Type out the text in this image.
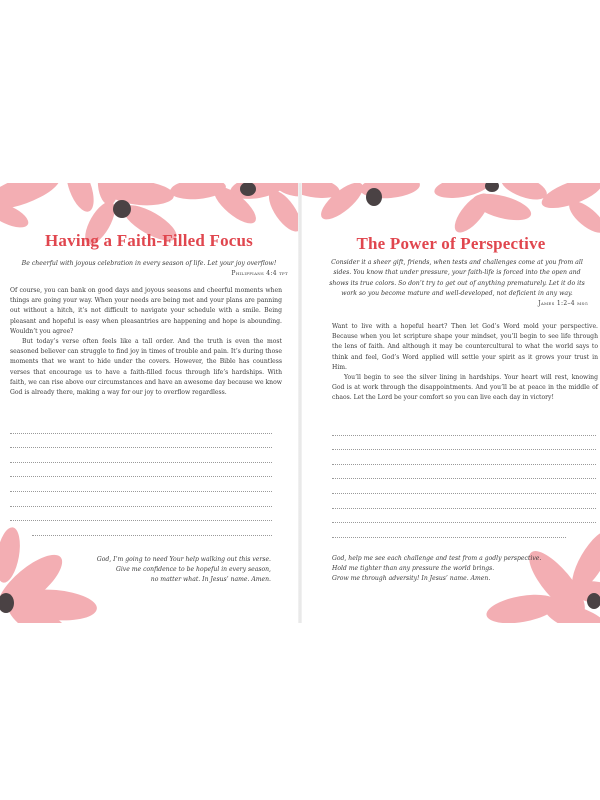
Having a Faith-Filled Focus
Be cheerful with joyous celebration in every season of life. Let your joy overflow!
Philippians 4:4 tpt

Of course, you can bank on good days and joyous seasons and cheerful moments when things are going your way. When your needs are being met and your plans are panning out without a hitch, it’s not difficult to navigate your schedule with a smile. Being pleasant and hopeful is easy when pleasantries are happening and hope is abounding. Wouldn’t you agree?

But today’s verse often feels like a tall order. And the truth is even the most seasoned believer can struggle to find joy in times of trouble and pain. It’s during those moments that we want to hide under the covers. However, the Bible has countless verses that encourage us to have a faith-filled focus through life’s hardships. With faith, we can rise above our circumstances and have an awesome day because we know God is already there, making a way for our joy to overflow regardless.

God, I’m going to need Your help walking out this verse.
Give me confidence to be hopeful in every season,
no matter what. In Jesus’ name. Amen.
The Power of Perspective
Consider it a sheer gift, friends, when tests and challenges come at you from all sides. You know that under pressure, your faith-life is forced into the open and shows its true colors. So don’t try to get out of anything prematurely. Let it do its work so you become mature and well-developed, not deficient in any way.
James 1:2–4 msg

Want to live with a hopeful heart? Then let God’s Word mold your perspective. Because when you let scripture shape your mindset, you’ll begin to see life through the lens of faith. And although it may be countercultural to what the world says to think and feel, God’s Word applied will settle your spirit as it grows your trust in Him.

You’ll begin to see the silver lining in hardships. Your heart will rest, knowing God is at work through the disappointments. And you’ll be at peace in the middle of chaos. Let the Lord be your comfort so you can live each day in victory!

God, help me see each challenge and test from a godly perspective.
Hold me tighter than any pressure the world brings.
Grow me through adversity! In Jesus’ name. Amen.
